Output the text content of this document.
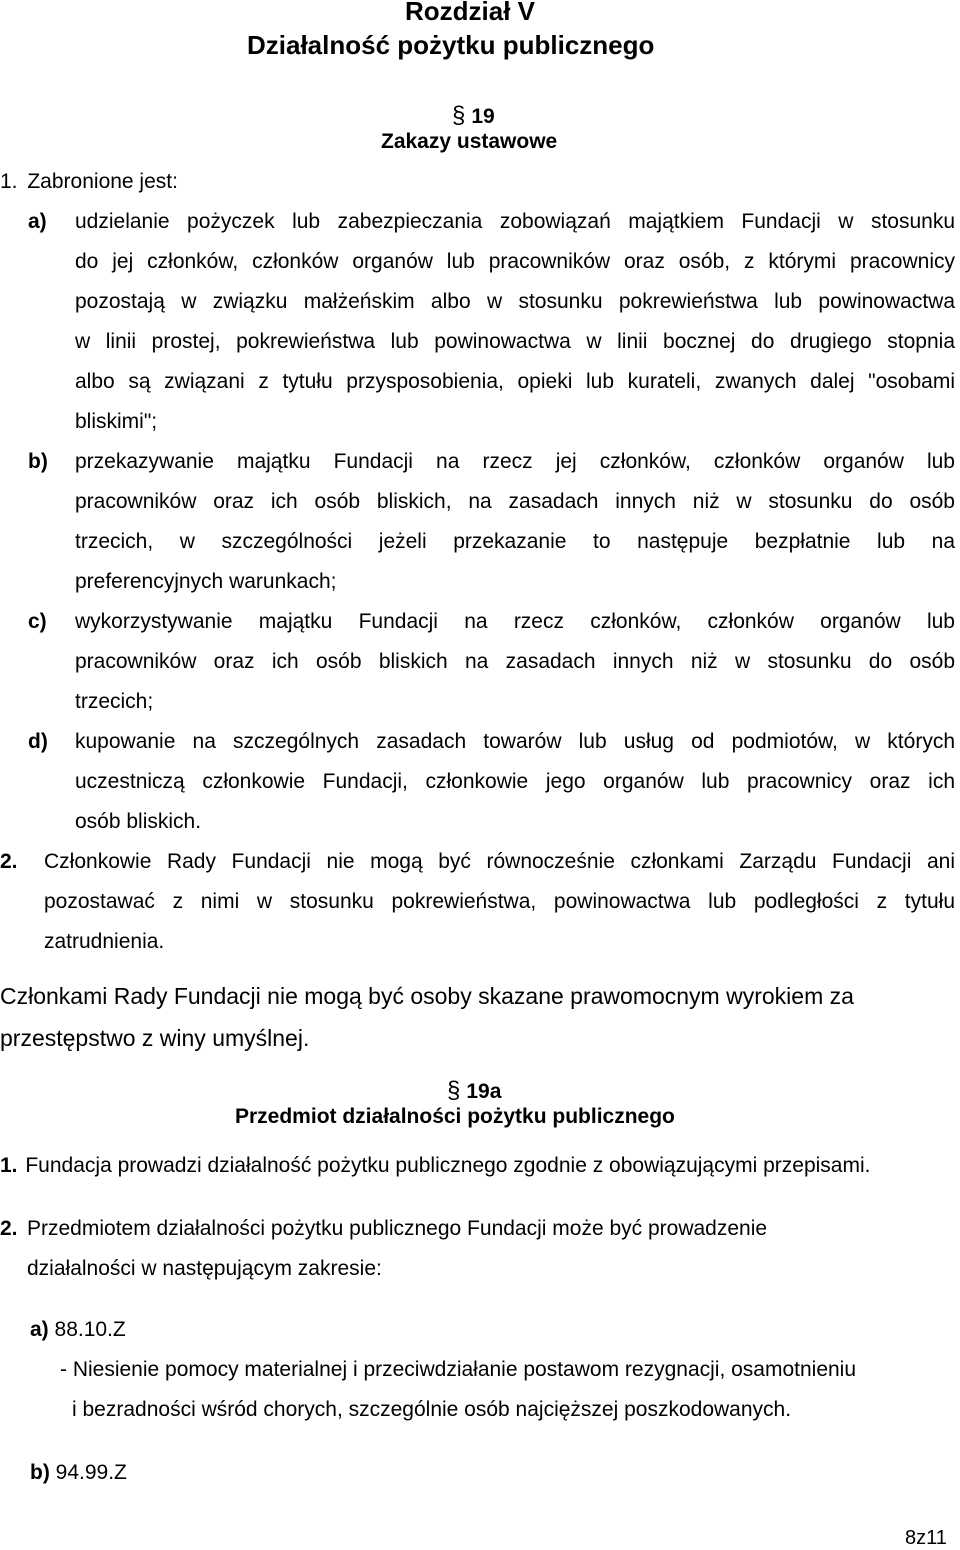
Rozdział V
Działalność pożytku publicznego
§ 19
Zakazy ustawowe
1. Zabronione jest:
a) udzielanie pożyczek lub zabezpieczania zobowiązań majątkiem Fundacji w stosunku
do jej członków, członków organów lub pracowników oraz osób, z którymi pracownicy
pozostają w związku małżeńskim albo w stosunku pokrewieństwa lub powinowactwa
w linii prostej, pokrewieństwa lub powinowactwa w linii bocznej do drugiego stopnia
albo są związani z tytułu przysposobienia, opieki lub kurateli, zwanych dalej "osobami
bliskimi";
b) przekazywanie majątku Fundacji na rzecz jej członków, członków organów lub
pracowników oraz ich osób bliskich, na zasadach innych niż w stosunku do osób
trzecich, w szczególności jeżeli przekazanie to następuje bezpłatnie lub na
preferencyjnych warunkach;
c) wykorzystywanie majątku Fundacji na rzecz członków, członków organów lub
pracowników oraz ich osób bliskich na zasadach innych niż w stosunku do osób
trzecich;
d) kupowanie na szczególnych zasadach towarów lub usług od podmiotów, w których
uczestniczą członkowie Fundacji, członkowie jego organów lub pracownicy oraz ich
osób bliskich.
2. Członkowie Rady Fundacji nie mogą być równocześnie członkami Zarządu Fundacji ani
pozostawać z nimi w stosunku pokrewieństwa, powinowactwa lub podległości z tytułu
zatrudnienia.
Członkami Rady Fundacji nie mogą być osoby skazane prawomocnym wyrokiem za
przestępstwo z winy umyślnej.
§ 19a
Przedmiot działalności pożytku publicznego
1. Fundacja prowadzi działalność pożytku publicznego zgodnie z obowiązującymi przepisami.
2. Przedmiotem działalności pożytku publicznego Fundacji może być prowadzenie
działalności w następującym zakresie:
a) 88.10.Z
- Niesienie pomocy materialnej i przeciwdziałanie postawom rezygnacji, osamotnieniu
i bezradności wśród chorych, szczególnie osób najcięższej poszkodowanych.
b) 94.99.Z
8z11
